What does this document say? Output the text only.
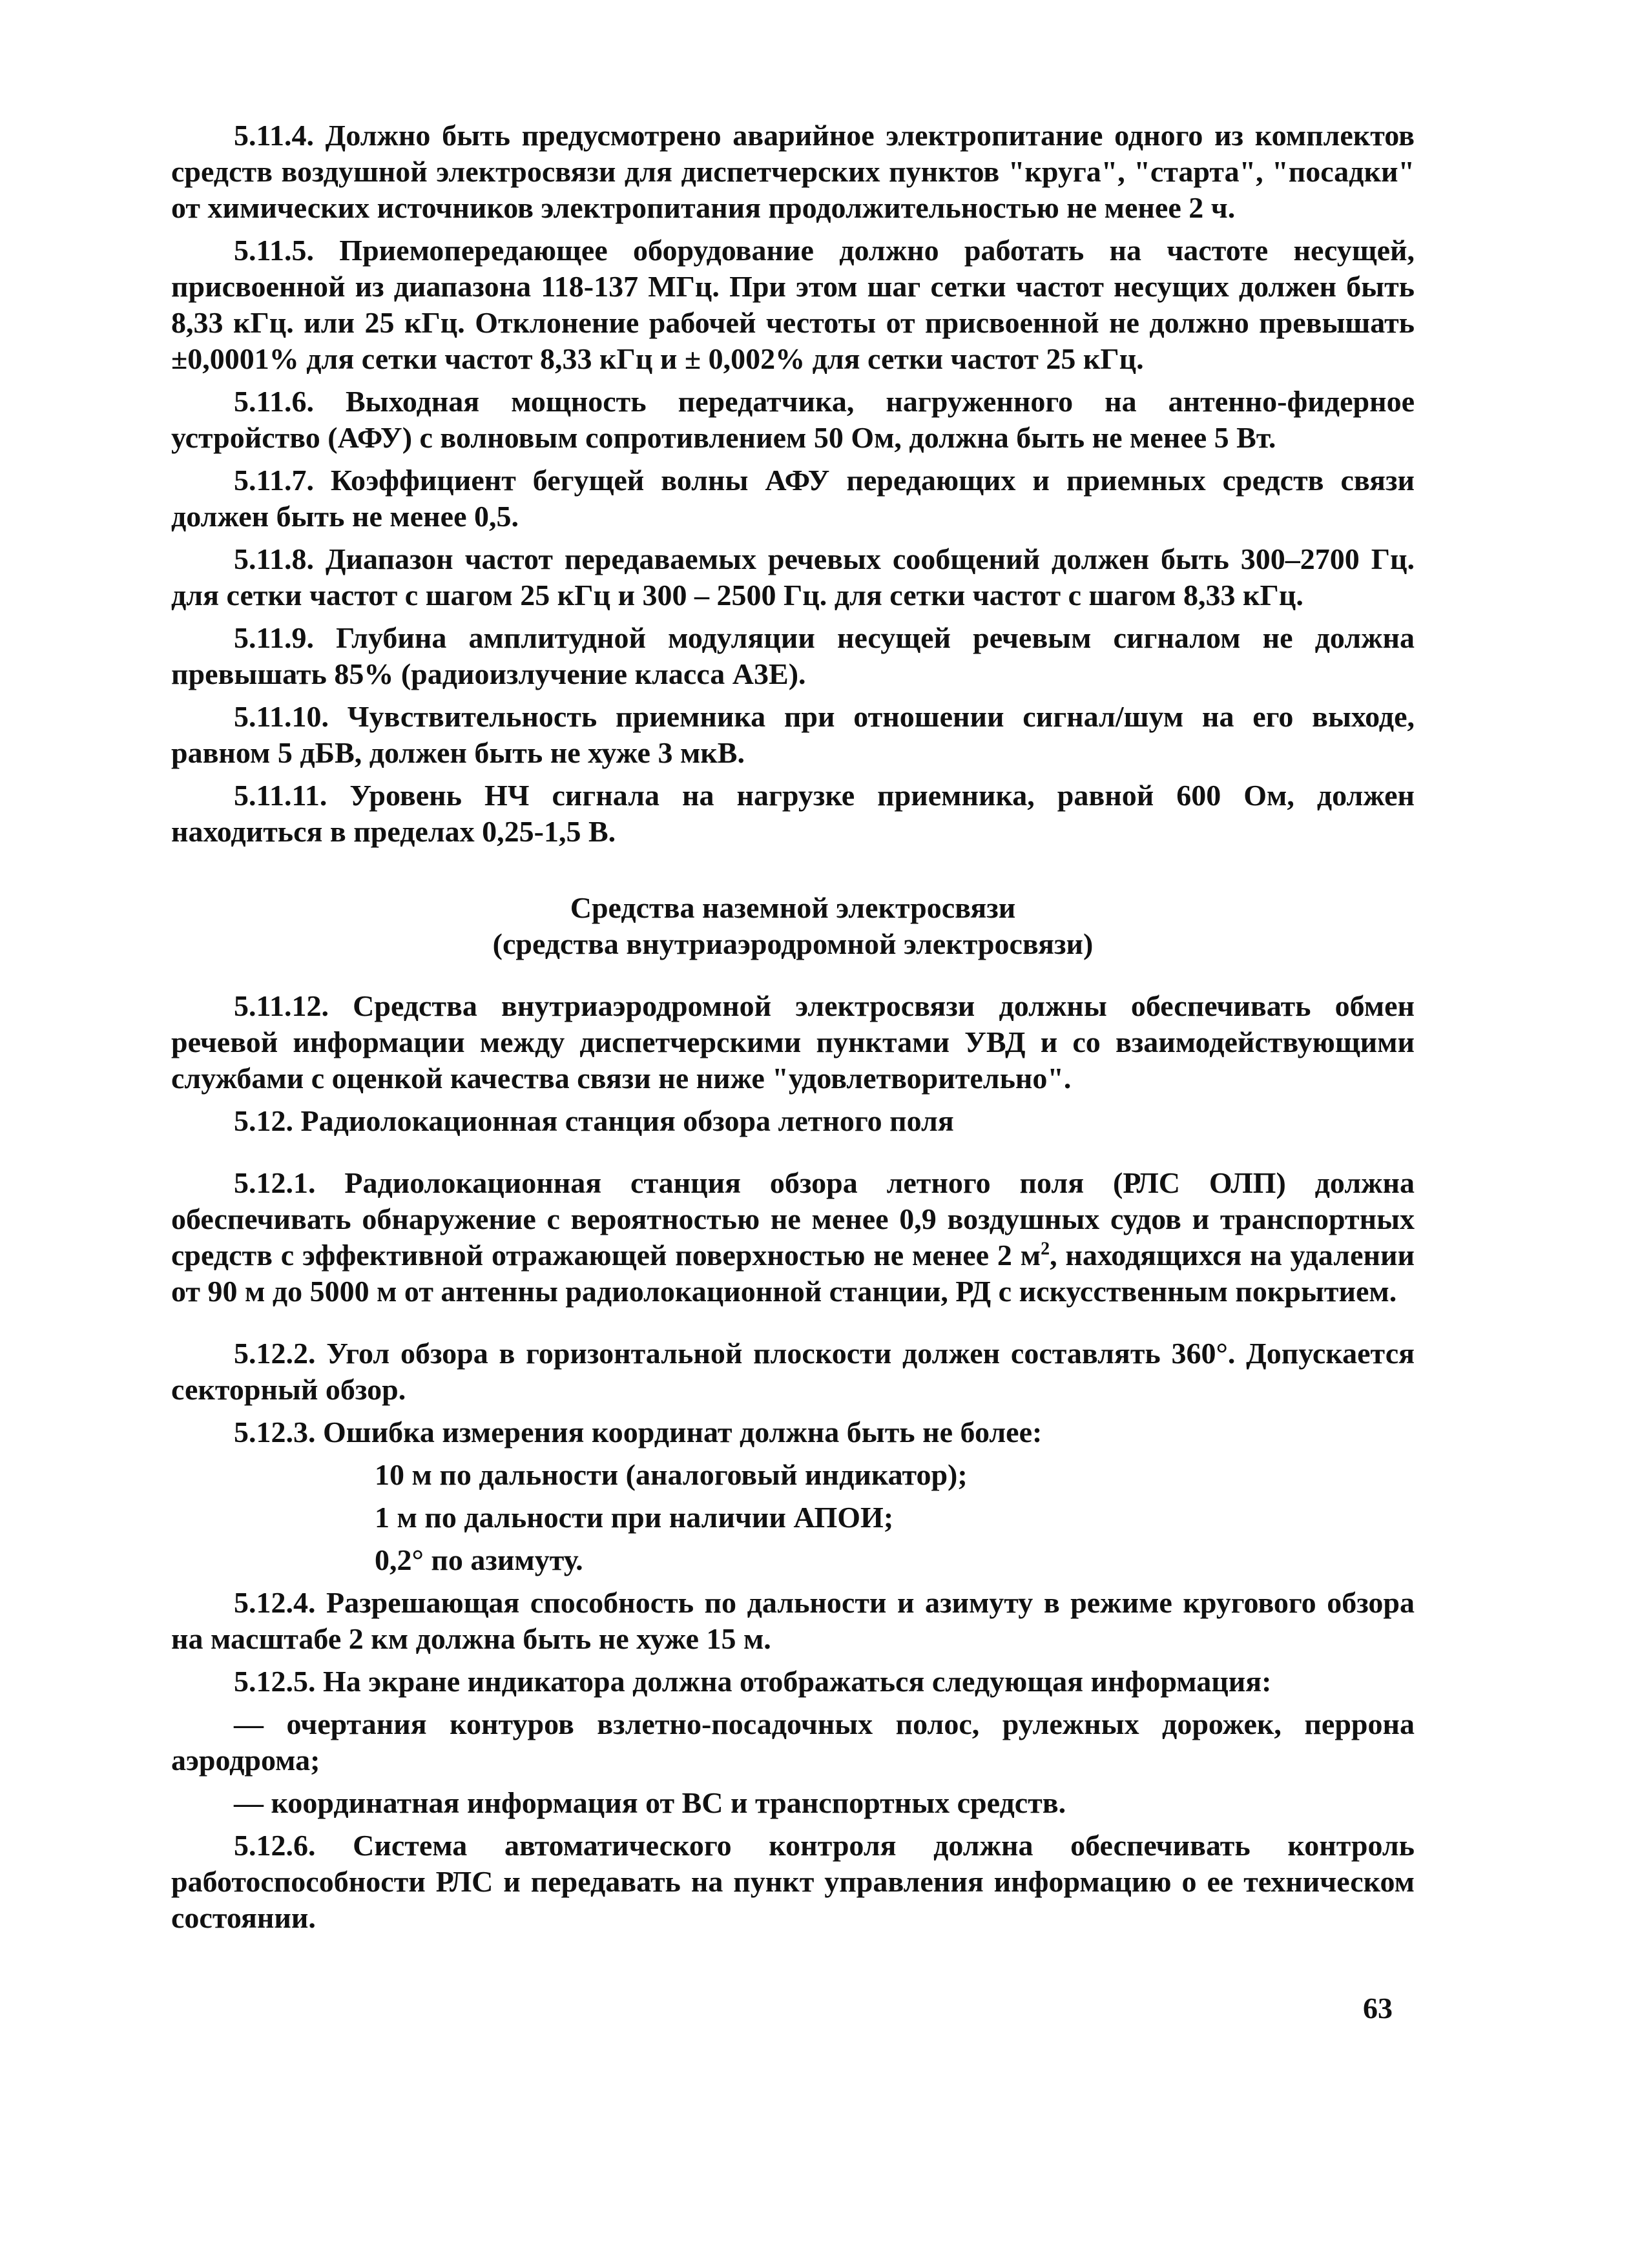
5.11.4. Должно быть предусмотрено аварийное электропитание одного из комплектов средств воздушной электросвязи для диспетчерских пунктов "круга", "старта", "посадки" от химических источников электропитания продолжительностью не менее 2 ч.

5.11.5. Приемопередающее оборудование должно работать на частоте несущей, присвоенной из диапазона 118-137 МГц. При этом шаг сетки частот несущих должен быть 8,33 кГц. или 25 кГц. Отклонение рабочей честоты от присвоенной не должно превышать ±0,0001% для сетки частот 8,33 кГц и ± 0,002% для сетки частот 25 кГц.

5.11.6. Выходная мощность передатчика, нагруженного на антенно-фидерное устройство (АФУ) с волновым сопротивлением 50 Ом, должна быть не менее 5 Вт.

5.11.7. Коэффициент бегущей волны АФУ передающих и приемных средств связи должен быть не менее 0,5.

5.11.8. Диапазон частот передаваемых речевых сообщений должен быть 300–2700 Гц. для сетки частот с шагом 25 кГц и 300 – 2500 Гц. для сетки частот с шагом 8,33 кГц.

5.11.9. Глубина амплитудной модуляции несущей речевым сигналом не должна превышать 85% (радиоизлучение класса А3Е).

5.11.10. Чувствительность приемника при отношении сигнал/шум на его выходе, равном 5 дБВ, должен быть не хуже 3 мкВ.

5.11.11. Уровень НЧ сигнала на нагрузке приемника, равной 600 Ом, должен находиться в пределах 0,25-1,5 В.

Средства наземной электросвязи

(средства внутриаэродромной электросвязи)

5.11.12. Средства внутриаэродромной электросвязи должны обеспечивать обмен речевой информации между диспетчерскими пунктами УВД и со взаимодействующими службами с оценкой качества связи не ниже "удовлетворительно".

5.12. Радиолокационная станция обзора летного поля

5.12.1. Радиолокационная станция обзора летного поля (РЛС ОЛП) должна обеспечивать обнаружение с вероятностью не менее 0,9 воздушных судов и транспортных средств с эффективной отражающей поверхностью не менее 2 $м^2$, находящихся на удалении от 90 м до 5000 м от антенны радиолокационной станции, РД с искусственным покрытием.

5.12.2. Угол обзора в горизонтальной плоскости должен составлять 360°. Допускается секторный обзор.

5.12.3. Ошибка измерения координат должна быть не более:

10 м по дальности (аналоговый индикатор);

1 м по дальности при наличии АПОИ;

0,2° по азимуту.

5.12.4. Разрешающая способность по дальности и азимуту в режиме кругового обзора на масштабе 2 км должна быть не хуже 15 м.

5.12.5. На экране индикатора должна отображаться следующая информация:

— очертания контуров взлетно-посадочных полос, рулежных дорожек, перрона аэродрома;

— координатная информация от ВС и транспортных средств.

5.12.6. Система автоматического контроля должна обеспечивать контроль работоспособности РЛС и передавать на пункт управления информацию о ее техническом состоянии.

63
